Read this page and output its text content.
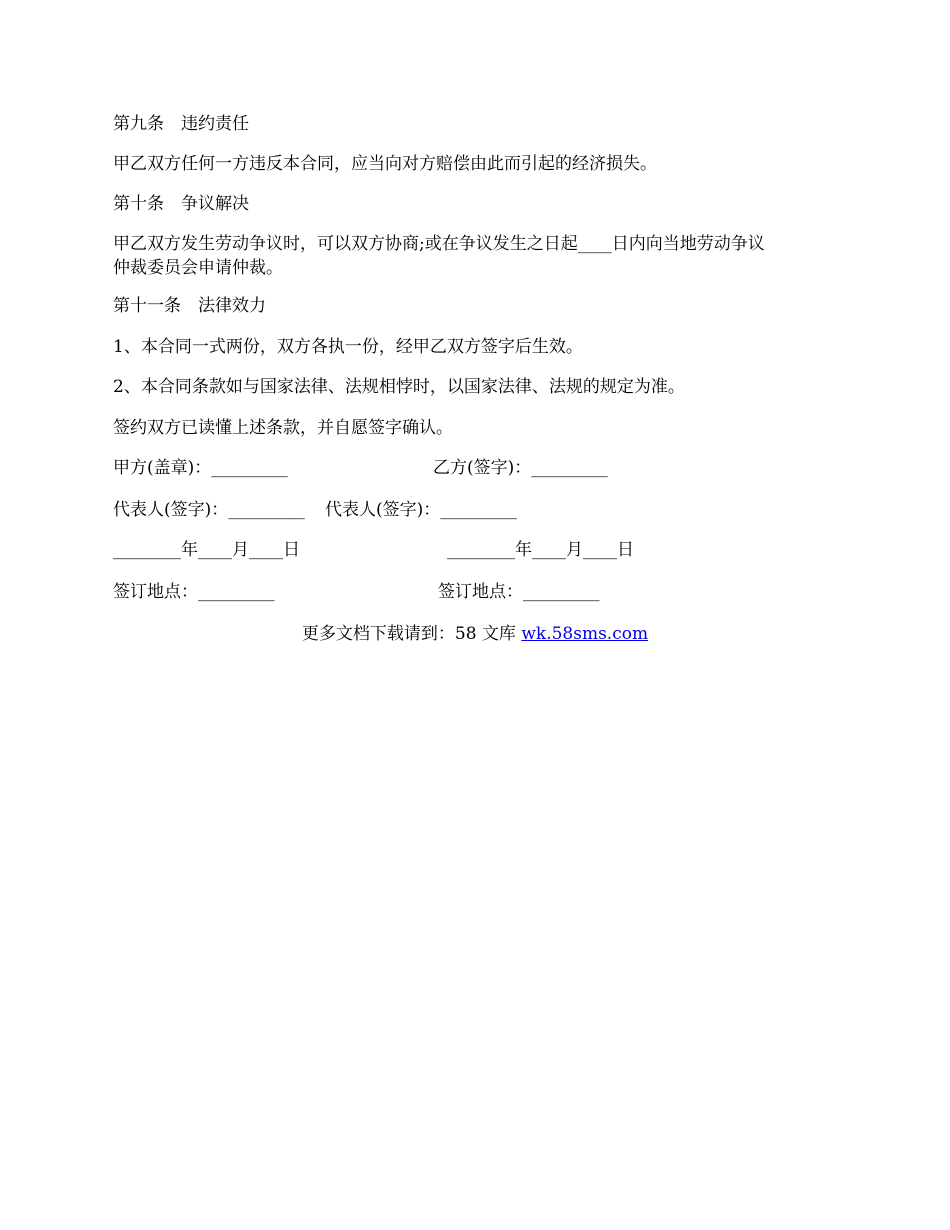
第九条　违约责任
甲乙双方任何一方违反本合同，应当向对方赔偿由此而引起的经济损失。
第十条　争议解决
甲乙双方发生劳动争议时，可以双方协商;或在争议发生之日起____日内向当地劳动争议
仲裁委员会申请仲裁。
第十一条　法律效力
1、本合同一式两份，双方各执一份，经甲乙双方签字后生效。
2、本合同条款如与国家法律、法规相悖时，以国家法律、法规的规定为准。
签约双方已读懂上述条款，并自愿签字确认。
甲方(盖章)：_________	乙方(签字)：_________
代表人(签字)：_________ 代表人(签字)：_________
________年____月____日	________年____月____日
签订地点：_________	签订地点：_________
更多文档下载请到：58 文库 wk.58sms.com
